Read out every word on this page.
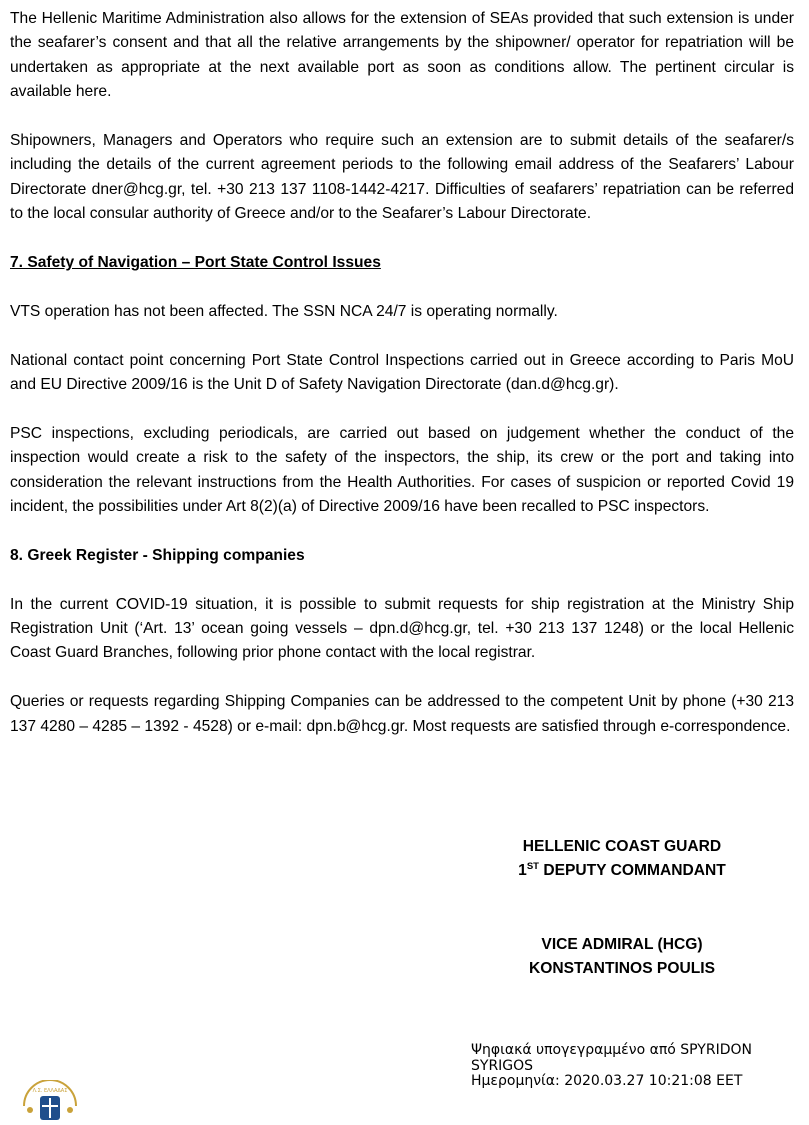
The Hellenic Maritime Administration also allows for the extension of SEAs provided that such extension is under the seafarer’s consent and that all the relative arrangements by the shipowner/ operator for repatriation will be undertaken as appropriate at the next available port as soon as conditions allow. The pertinent circular is available here.

Shipowners, Managers and Operators who require such an extension are to submit details of the seafarer/s including the details of the current agreement periods to the following email address of the Seafarers’ Labour Directorate dner@hcg.gr, tel. +30 213 137 1108-1442-4217. Difficulties of seafarers’ repatriation can be referred to the local consular authority of Greece and/or to the Seafarer’s Labour Directorate.

7. Safety of Navigation – Port State Control Issues

VTS operation has not been affected. The SSN NCA 24/7 is operating normally.

National contact point concerning Port State Control Inspections carried out in Greece according to Paris MoU and EU Directive 2009/16 is the Unit D of Safety Navigation Directorate (dan.d@hcg.gr).

PSC inspections, excluding periodicals, are carried out based on judgement whether the conduct of the inspection would create a risk to the safety of the inspectors, the ship, its crew or the port and taking into consideration the relevant instructions from the Health Authorities. For cases of suspicion or reported Covid 19 incident, the possibilities under Art 8(2)(a) of Directive 2009/16 have been recalled to PSC inspectors.

8. Greek Register - Shipping companies

In the current COVID-19 situation, it is possible to submit requests for ship registration at the Ministry Ship Registration Unit (‘Art. 13’ ocean going vessels – dpn.d@hcg.gr, tel. +30 213 137 1248) or the local Hellenic Coast Guard Branches, following prior phone contact with the local registrar.

Queries or requests regarding Shipping Companies can be addressed to the competent Unit by phone (+30 213 137 4280 – 4285 – 1392 - 4528) or e-mail: dpn.b@hcg.gr. Most requests are satisfied through e-correspondence.

HELLENIC COAST GUARD
1ST DEPUTY COMMANDANT
VICE ADMIRAL (HCG)
KONSTANTINOS POULIS
Ψηφιακά υπογεγραμμένο από SPYRIDON
SYRIGOS
Ημερομηνία: 2020.03.27 10:21:08 EET
Λ.Σ. ΕΛΛΑΔΑΣ
